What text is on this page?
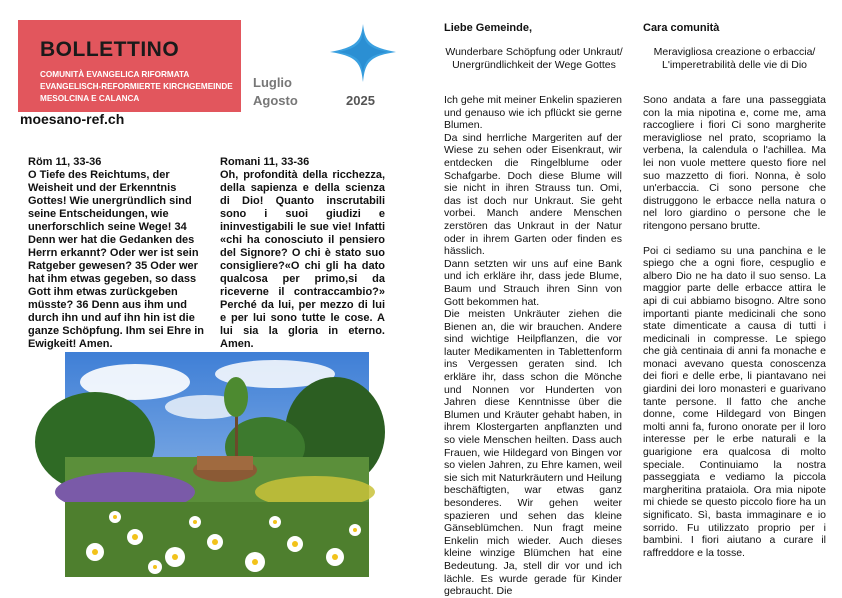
BOLLETTINO
COMUNITÀ EVANGELICA RIFORMATA
EVANGELISCH-REFORMIERTE KIRCHGEMEINDE
MESOLCINA E CALANCA
Luglio
Agosto	2025
moesano-ref.ch
Röm 11, 33-36
O Tiefe des Reichtums, der Weisheit und der Erkenntnis Gottes! Wie unergründlich sind seine Entscheidungen, wie unerforschlich seine Wege! 34 Denn wer hat die Gedanken des Herrn erkannt? Oder wer ist sein Ratgeber gewesen? 35 Oder wer hat ihm etwas gegeben, so dass Gott ihm etwas zurückgeben müsste? 36 Denn aus ihm und durch ihn und auf ihn hin ist die ganze Schöpfung. Ihm sei Ehre in Ewigkeit! Amen.
Romani 11, 33-36
Oh, profondità della ricchezza, della sapienza e della scienza di Dio! Quanto inscrutabili sono i suoi giudizi e ininvestigabili le sue vie! Infatti «chi ha conosciuto il pensiero del Signore? O chi è stato suo consigliere?«O chi gli ha dato qualcosa per primo,si da riceverne il contraccambio?» Perché da lui, per mezzo di lui e per lui sono tutte le cose. A lui sia la gloria in eterno. Amen.
Liebe Gemeinde,
Wunderbare Schöpfung oder Unkraut/ Unergründlichkeit der Wege Gottes
Ich gehe mit meiner Enkelin spazieren und genauso wie ich pflückt sie gerne Blumen.
Da sind herrliche Margeriten auf der Wiese zu sehen oder Eisenkraut, wir entdecken die Ringelblume oder Schafgarbe. Doch diese Blume will sie nicht in ihren Strauss tun. Omi, das ist doch nur Unkraut. Sie geht vorbei. Manch andere Menschen zerstören das Unkraut in der Natur oder in ihrem Garten oder finden es hässlich.
Dann setzten wir uns auf eine Bank und ich erkläre ihr, dass jede Blume, Baum und Strauch ihren Sinn von Gott bekommen hat.
Die meisten Unkräuter ziehen die Bienen an, die wir brauchen. Andere sind wichtige Heilpflanzen, die vor lauter Medikamenten in Tablettenform ins Vergessen geraten sind. Ich erkläre ihr, dass schon die Mönche und Nonnen vor Hunderten von Jahren diese Kenntnisse über die Blumen und Kräuter gehabt haben, in ihrem Klostergarten anpflanzten und so viele Menschen heilten. Dass auch Frauen, wie Hildegard von Bingen vor so vielen Jahren, zu Ehre kamen, weil sie sich mit Naturkräutern und Heilung beschäftigten, war etwas ganz besonderes. Wir gehen weiter spazieren und sehen das kleine Gänseblümchen. Nun fragt meine Enkelin mich wieder. Auch dieses kleine winzige Blümchen hat eine Bedeutung. Ja, stell dir vor und ich lächle. Es wurde gerade für Kinder gebraucht. Die
Cara comunità
Meravigliosa creazione o erbaccia/ L'imperetrabilità delle vie di Dio

Sono andata a fare una passeggiata con la mia nipotina e, come me, ama raccogliere i fiori Ci sono margherite meravigliose nel prato, scopriamo la verbena, la calendula o l'achillea. Ma lei non vuole mettere questo fiore nel suo mazzetto di fiori. Nonna, è solo un'erbaccia. Ci sono persone che distruggono le erbacce nella natura o nel loro giardino o persone che le ritengono persano brutte.

Poi ci sediamo su una panchina e le spiego che a ogni fiore, cespuglio e albero Dio ne ha dato il suo senso. La maggior parte delle erbacce attira le api di cui abbiamo bisogno. Altre sono importanti piante medicinali che sono state dimenticate a causa di tutti i medicinali in compresse. Le spiego che già centinaia di anni fa monache e monaci avevano questa conoscenza dei fiori e delle erbe, li piantavano nei giardini dei loro monasteri e guarivano tante persone. Il fatto che anche donne, come Hildegard von Bingen molti anni fa, furono onorate per il loro interesse per le erbe naturali e la guarigione era qualcosa di molto speciale. Continuiamo la nostra passeggiata e vediamo la piccola margheritina prataiola. Ora mia nipote mi chiede se questo piccolo fiore ha un significato. Sì, basta immaginare e io sorrido. Fu utilizzato proprio per i bambini. I fiori aiutano a curare il raffreddore e la tosse.
